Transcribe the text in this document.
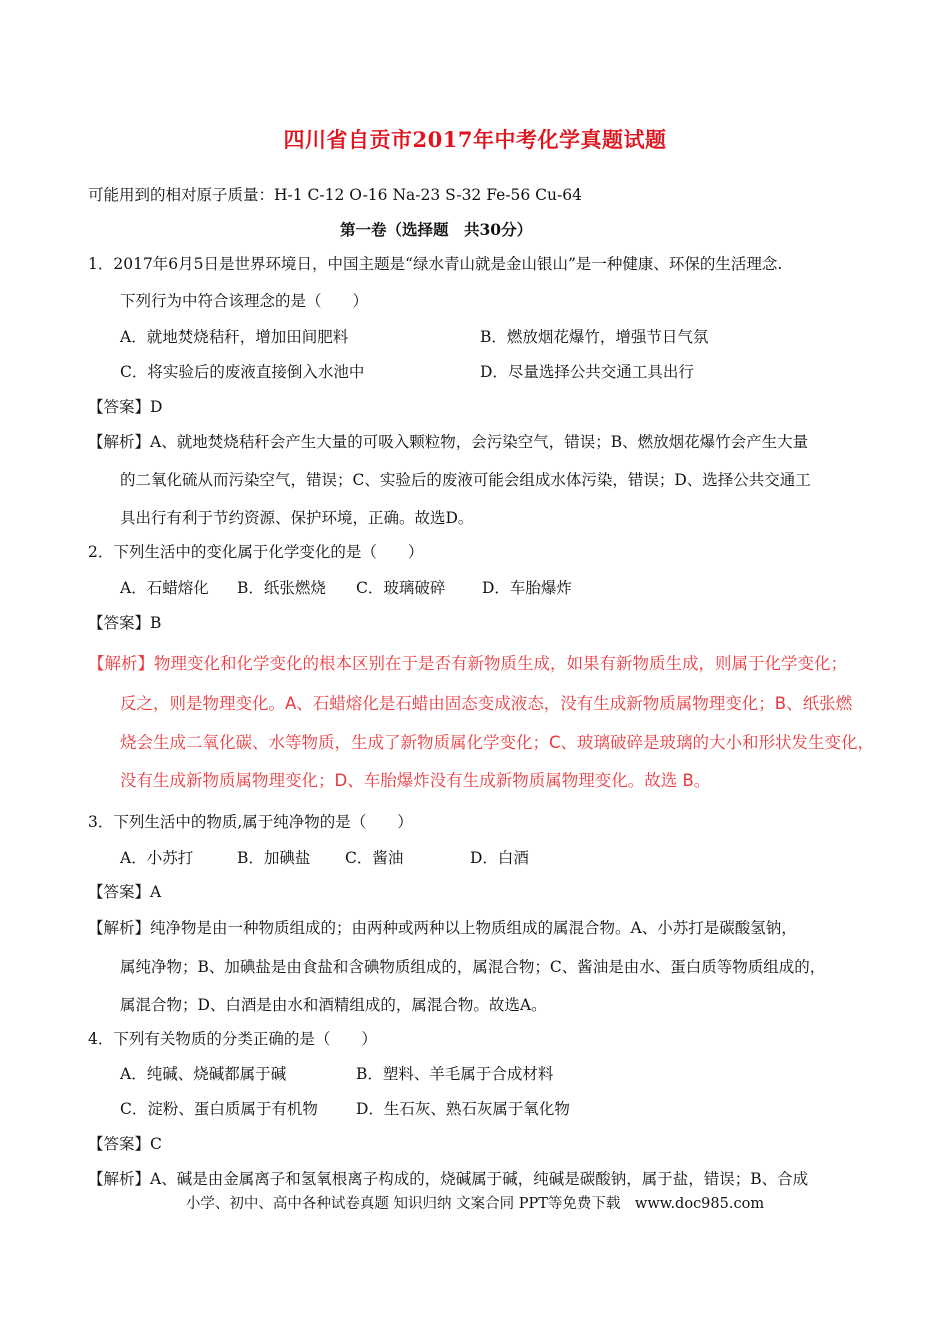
四川省自贡市2017年中考化学真题试题
可能用到的相对原子质量：H-1 C-12 O-16 Na-23 S-32 Fe-56 Cu-64
第一卷（选择题　共30分）
1．2017年6月5日是世界环境日，中国主题是“绿水青山就是金山银山”是一种健康、环保的生活理念.
下列行为中符合该理念的是（　　）
A．就地焚烧秸秆，增加田间肥料	B．燃放烟花爆竹，增强节日气氛
C．将实验后的废液直接倒入水池中	D．尽量选择公共交通工具出行
【答案】D
【解析】A、就地焚烧秸秆会产生大量的可吸入颗粒物，会污染空气，错误；B、燃放烟花爆竹会产生大量
的二氧化硫从而污染空气，错误；C、实验后的废液可能会组成水体污染，错误；D、选择公共交通工
具出行有利于节约资源、保护环境，正确。故选D。
2．下列生活中的变化属于化学变化的是（　　）
A．石蜡熔化 B．纸张燃烧 C．玻璃破碎 D．车胎爆炸
【答案】B
【解析】物理变化和化学变化的根本区别在于是否有新物质生成，如果有新物质生成，则属于化学变化；
反之，则是物理变化。A、石蜡熔化是石蜡由固态变成液态，没有生成新物质属物理变化；B、纸张燃
烧会生成二氧化碳、水等物质，生成了新物质属化学变化；C、玻璃破碎是玻璃的大小和形状发生变化，
没有生成新物质属物理变化；D、车胎爆炸没有生成新物质属物理变化。故选 B。
3．下列生活中的物质,属于纯净物的是（　　）
A．小苏打	B．加碘盐 C．酱油	D．白酒
【答案】A
【解析】纯净物是由一种物质组成的；由两种或两种以上物质组成的属混合物。A、小苏打是碳酸氢钠，
属纯净物；B、加碘盐是由食盐和含碘物质组成的，属混合物；C、酱油是由水、蛋白质等物质组成的，
属混合物；D、白酒是由水和酒精组成的，属混合物。故选A。
4．下列有关物质的分类正确的是（　　）
A．纯碱、烧碱都属于碱	B．塑料、羊毛属于合成材料
C．淀粉、蛋白质属于有机物 D．生石灰、熟石灰属于氧化物
【答案】C
【解析】A、碱是由金属离子和氢氧根离子构成的，烧碱属于碱，纯碱是碳酸钠，属于盐，错误；B、合成
小学、初中、高中各种试卷真题 知识归纳 文案合同 PPT等免费下载　www.doc985.com
